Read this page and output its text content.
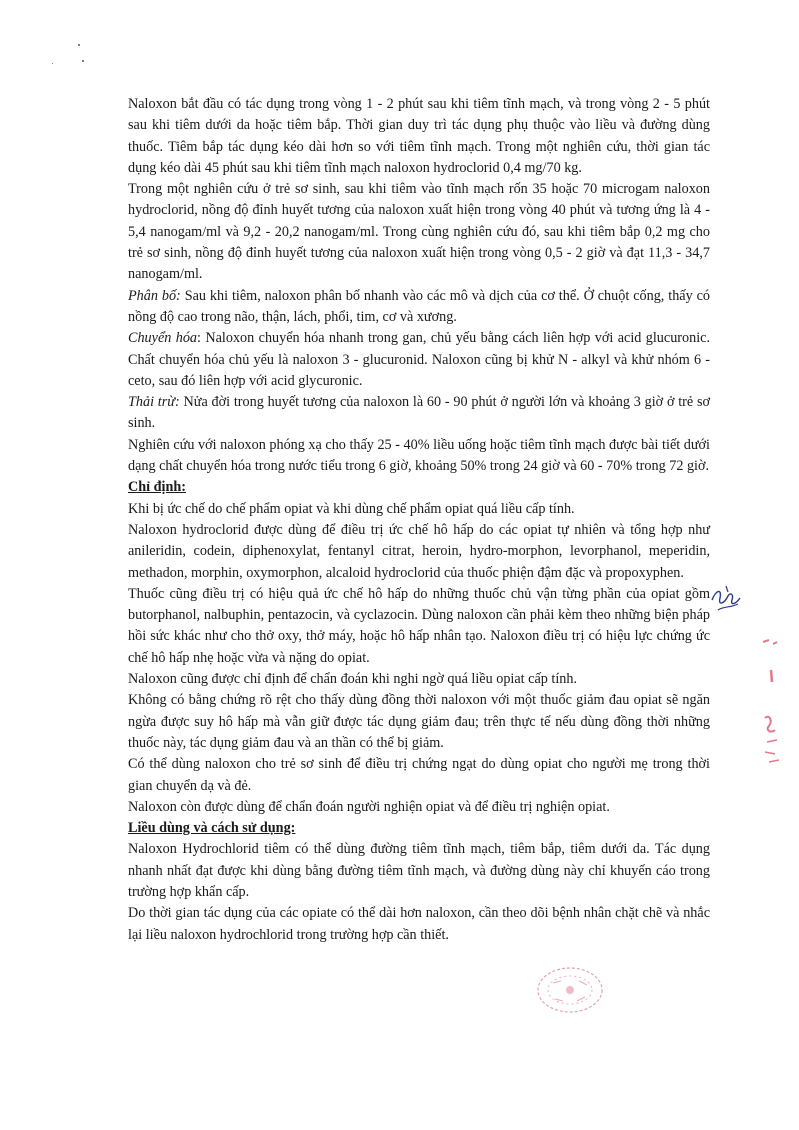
Naloxon bắt đầu có tác dụng trong vòng 1 - 2 phút sau khi tiêm tĩnh mạch, và trong vòng 2 - 5 phút sau khi tiêm dưới da hoặc tiêm bắp. Thời gian duy trì tác dụng phụ thuộc vào liều và đường dùng thuốc. Tiêm bắp tác dụng kéo dài hơn so với tiêm tĩnh mạch. Trong một nghiên cứu, thời gian tác dụng kéo dài 45 phút sau khi tiêm tĩnh mạch naloxon hydroclorid 0,4 mg/70 kg.

Trong một nghiên cứu ở trẻ sơ sinh, sau khi tiêm vào tĩnh mạch rốn 35 hoặc 70 microgam naloxon hydroclorid, nồng độ đỉnh huyết tương của naloxon xuất hiện trong vòng 40 phút và tương ứng là 4 - 5,4 nanogam/ml và 9,2 - 20,2 nanogam/ml. Trong cùng nghiên cứu đó, sau khi tiêm bắp 0,2 mg cho trẻ sơ sinh, nồng độ đỉnh huyết tương của naloxon xuất hiện trong vòng 0,5 - 2 giờ và đạt 11,3 - 34,7 nanogam/ml.

Phân bố: Sau khi tiêm, naloxon phân bố nhanh vào các mô và dịch của cơ thể. Ở chuột cống, thấy có nồng độ cao trong não, thận, lách, phổi, tim, cơ và xương.

Chuyển hóa: Naloxon chuyển hóa nhanh trong gan, chủ yếu bằng cách liên hợp với acid glucuronic. Chất chuyển hóa chủ yếu là naloxon 3 - glucuronid. Naloxon cũng bị khử N - alkyl và khử nhóm 6 - ceto, sau đó liên hợp với acid glycuronic.

Thải trừ: Nửa đời trong huyết tương của naloxon là 60 - 90 phút ở người lớn và khoảng 3 giờ ở trẻ sơ sinh.

Nghiên cứu với naloxon phóng xạ cho thấy 25 - 40% liều uống hoặc tiêm tĩnh mạch được bài tiết dưới dạng chất chuyển hóa trong nước tiểu trong 6 giờ, khoảng 50% trong 24 giờ và 60 - 70% trong 72 giờ.

Chỉ định:

Khi bị ức chế do chế phẩm opiat và khi dùng chế phẩm opiat quá liều cấp tính.

Naloxon hydroclorid được dùng để điều trị ức chế hô hấp do các opiat tự nhiên và tổng hợp như anileridin, codein, diphenoxylat, fentanyl citrat, heroin, hydro-morphon, levorphanol, meperidin, methadon, morphin, oxymorphon, alcaloid hydroclorid của thuốc phiện đậm đặc và propoxyphen.

Thuốc cũng điều trị có hiệu quả ức chế hô hấp do những thuốc chủ vận từng phần của opiat gồm butorphanol, nalbuphin, pentazocin, và cyclazocin. Dùng naloxon cần phải kèm theo những biện pháp hồi sức khác như cho thở oxy, thở máy, hoặc hô hấp nhân tạo. Naloxon điều trị có hiệu lực chứng ức chế hô hấp nhẹ hoặc vừa và nặng do opiat.

Naloxon cũng được chỉ định để chẩn đoán khi nghi ngờ quá liều opiat cấp tính.

Không có bằng chứng rõ rệt cho thấy dùng đồng thời naloxon với một thuốc giảm đau opiat sẽ ngăn ngừa được suy hô hấp mà vẫn giữ được tác dụng giảm đau; trên thực tế nếu dùng đồng thời những thuốc này, tác dụng giảm đau và an thần có thể bị giảm.

Có thể dùng naloxon cho trẻ sơ sinh để điều trị chứng ngạt do dùng opiat cho người mẹ trong thời gian chuyển dạ và đẻ.

Naloxon còn được dùng để chẩn đoán người nghiện opiat và để điều trị nghiện opiat.

Liều dùng và cách sử dụng:

Naloxon Hydrochlorid tiêm có thể dùng đường tiêm tĩnh mạch, tiêm bắp, tiêm dưới da. Tác dụng nhanh nhất đạt được khi dùng bằng đường tiêm tĩnh mạch, và đường dùng này chỉ khuyến cáo trong trường hợp khẩn cấp.

Do thời gian tác dụng của các opiate có thể dài hơn naloxon, cần theo dõi bệnh nhân chặt chẽ và nhắc lại liều naloxon hydrochlorid trong trường hợp cần thiết.
